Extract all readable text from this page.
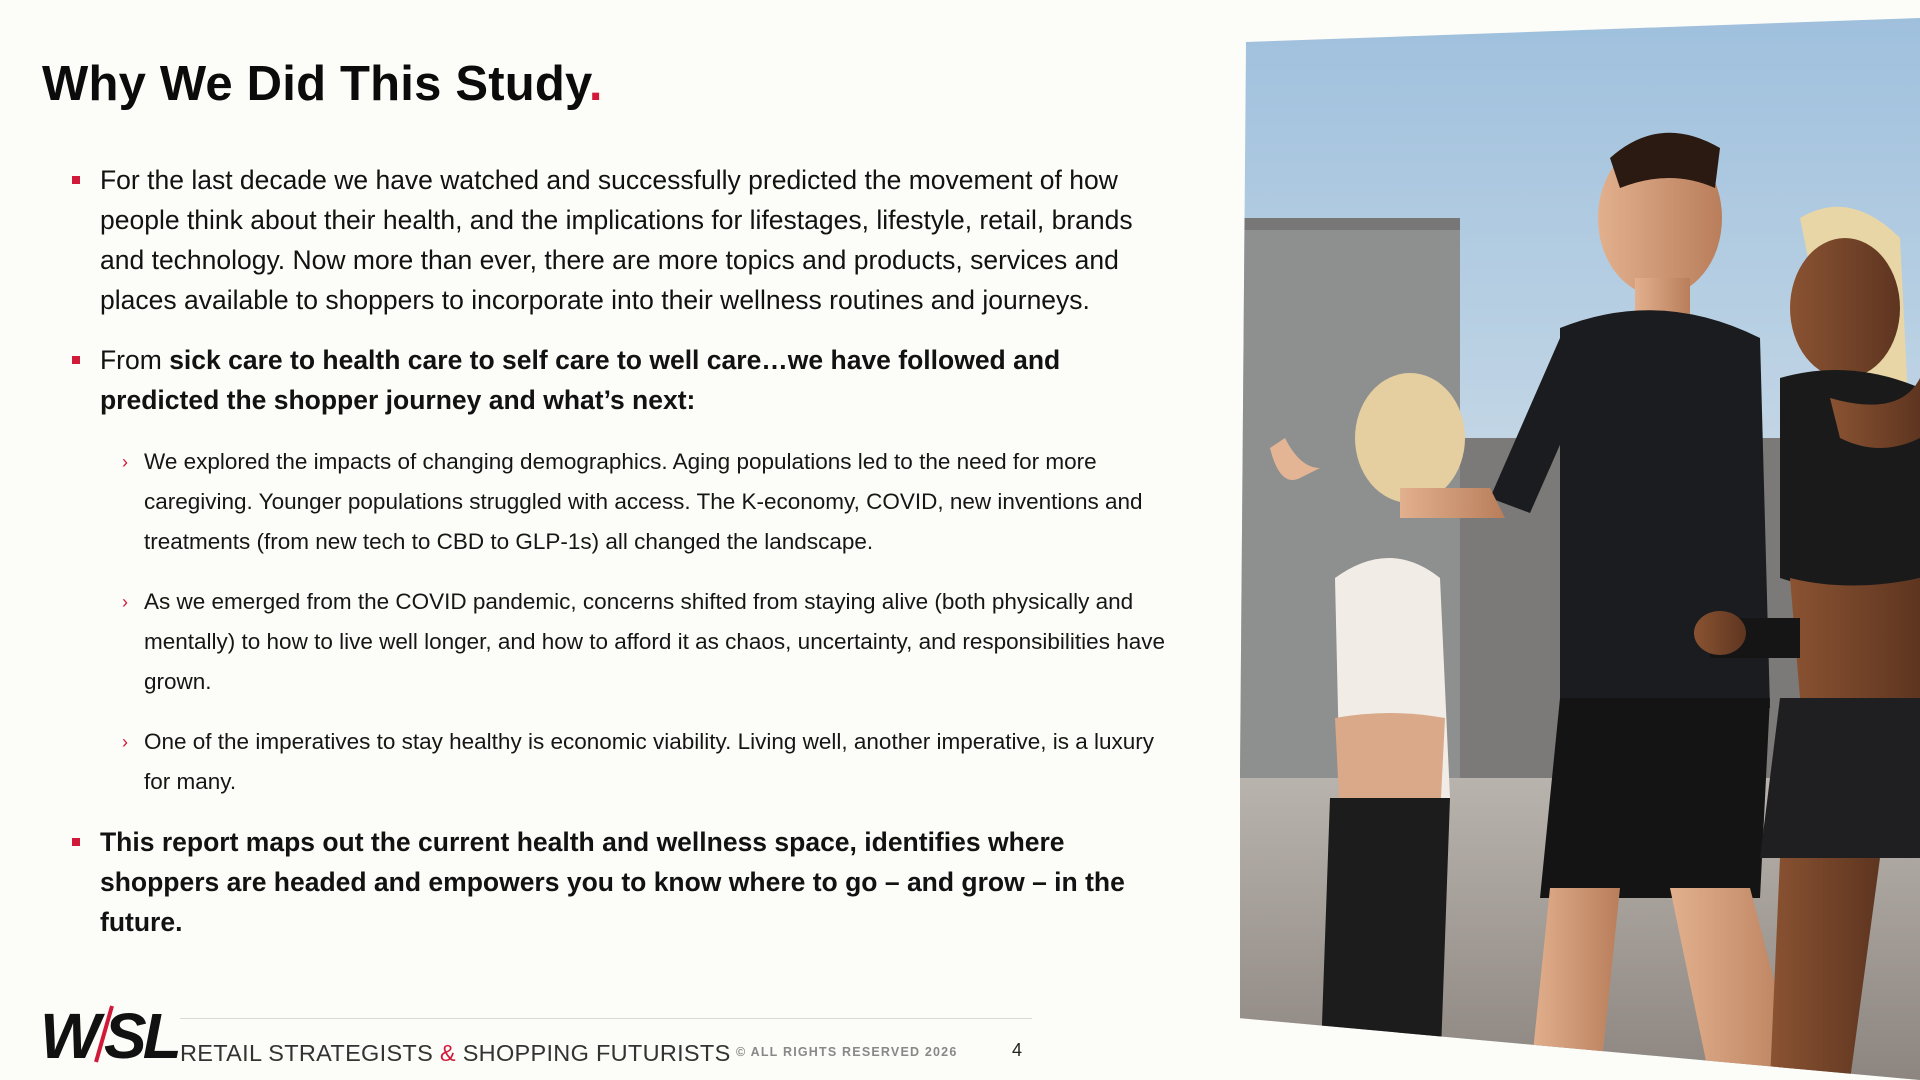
Why We Did This Study.
For the last decade we have watched and successfully predicted the movement of how people think about their health, and the implications for lifestages, lifestyle, retail, brands and technology. Now more than ever, there are more topics and products, services and places available to shoppers to incorporate into their wellness routines and journeys.
From sick care to health care to self care to well care…we have followed and predicted the shopper journey and what’s next:
› We explored the impacts of changing demographics. Aging populations led to the need for more caregiving. Younger populations struggled with access. The K-economy, COVID, new inventions and treatments (from new tech to CBD to GLP-1s) all changed the landscape.
› As we emerged from the COVID pandemic, concerns shifted from staying alive (both physically and mentally) to how to live well longer, and how to afford it as chaos, uncertainty, and responsibilities have grown.
› One of the imperatives to stay healthy is economic viability. Living well, another imperative, is a luxury for many.
This report maps out the current health and wellness space, identifies where shoppers are headed and empowers you to know where to go – and grow – in the future.
W SL RETAIL STRATEGISTS & SHOPPING FUTURISTS © ALL RIGHTS RESERVED 2026	4
